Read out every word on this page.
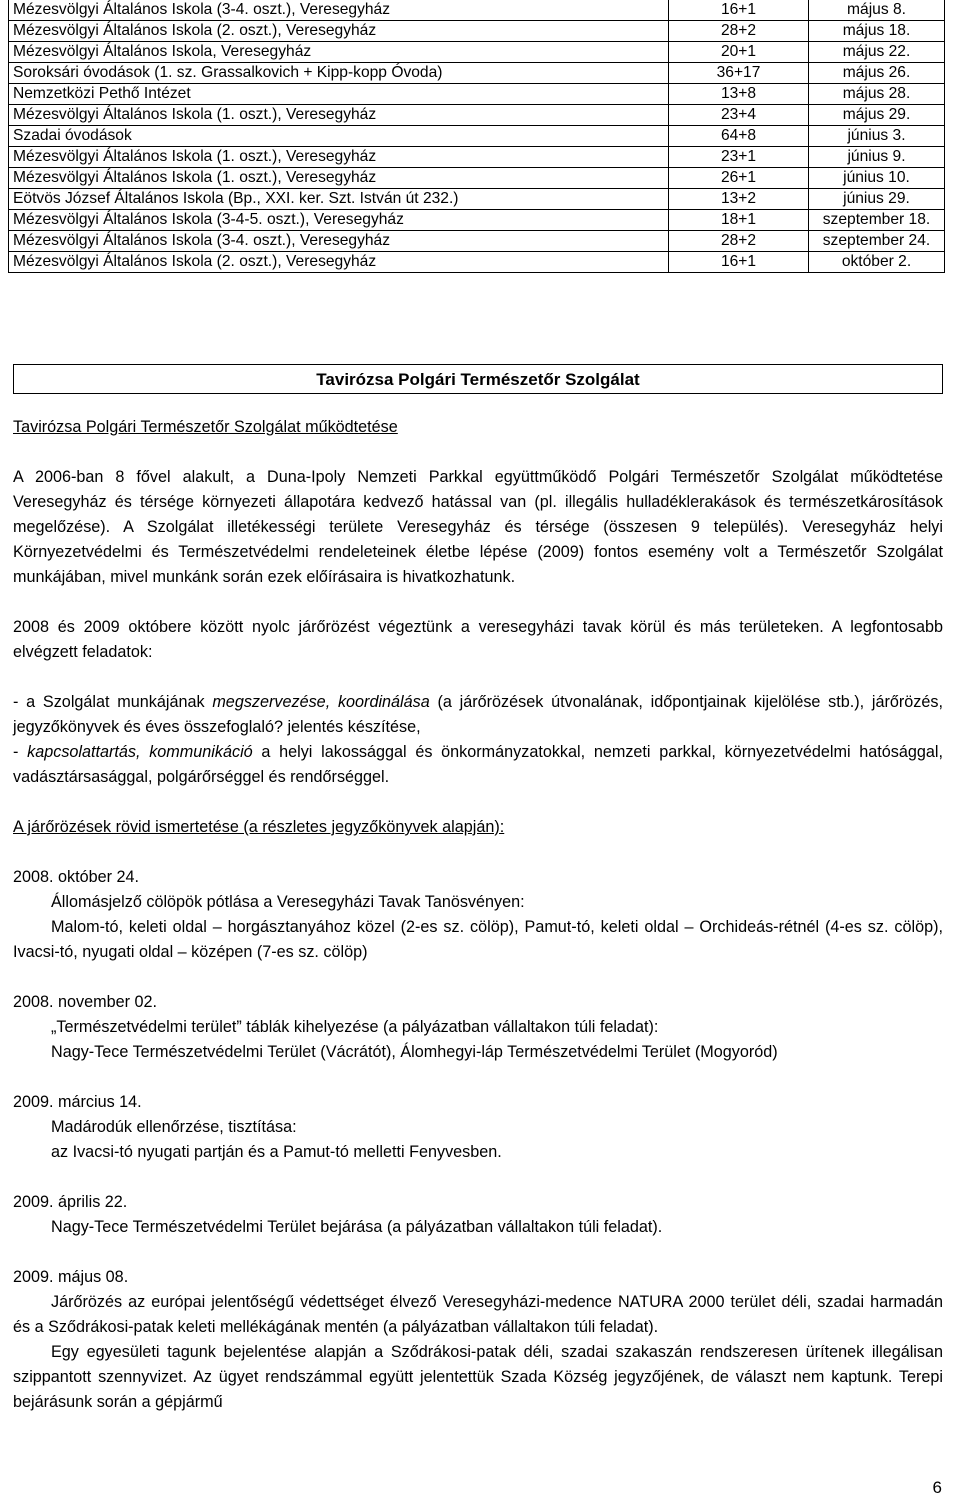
Mézesvölgyi Általános Iskola (3-4. oszt.), Veresegyház	16+1	május 8.
Mézesvölgyi Általános Iskola (2. oszt.), Veresegyház	28+2	május 18.
Mézesvölgyi Általános Iskola, Veresegyház	20+1	május 22.
Soroksári óvodások (1. sz. Grassalkovich + Kipp-kopp Óvoda)	36+17	május 26.
Nemzetközi Pethő Intézet	13+8	május 28.
Mézesvölgyi Általános Iskola (1. oszt.), Veresegyház	23+4	május 29.
Szadai óvodások	64+8	június 3.
Mézesvölgyi Általános Iskola (1. oszt.), Veresegyház	23+1	június 9.
Mézesvölgyi Általános Iskola (1. oszt.), Veresegyház	26+1	június 10.
Eötvös József Általános Iskola (Bp., XXI. ker. Szt. István út 232.)	13+2	június 29.
Mézesvölgyi Általános Iskola (3-4-5. oszt.), Veresegyház	18+1	szeptember 18.
Mézesvölgyi Általános Iskola (3-4. oszt.), Veresegyház	28+2	szeptember 24.
Mézesvölgyi Általános Iskola (2. oszt.), Veresegyház	16+1	október 2.
Tavirózsa Polgári Természetőr Szolgálat

Tavirózsa Polgári Természetőr Szolgálat működtetése

A 2006-ban 8 fővel alakult, a Duna-Ipoly Nemzeti Parkkal együttműködő Polgári Természetőr Szolgálat működtetése Veresegyház és térsége környezeti állapotára kedvező hatással van (pl. illegális hulladéklerakások és természetkárosítások megelőzése). A Szolgálat illetékességi területe Veresegyház és térsége (összesen 9 település). Veresegyház helyi Környezetvédelmi és Természetvédelmi rendeleteinek életbe lépése (2009) fontos esemény volt a Természetőr Szolgálat munkájában, mivel munkánk során ezek előírásaira is hivatkozhatunk.

2008 és 2009 októbere között nyolc járőrözést végeztünk a veresegyházi tavak körül és más területeken. A legfontosabb elvégzett feladatok:

- a Szolgálat munkájának megszervezése, koordinálása (a járőrözések útvonalának, időpontjainak kijelölése stb.), járőrözés, jegyzőkönyvek és éves összefoglaló? jelentés készítése,

- kapcsolattartás, kommunikáció a helyi lakossággal és önkormányzatokkal, nemzeti parkkal, környezetvédelmi hatósággal, vadásztársasággal, polgárőrséggel és rendőrséggel.

A járőrözések rövid ismertetése (a részletes jegyzőkönyvek alapján):

2008. október 24.

Állomásjelző cölöpök pótlása a Veresegyházi Tavak Tanösvényen:

Malom-tó, keleti oldal – horgásztanyához közel (2-es sz. cölöp), Pamut-tó, keleti oldal – Orchideás-rétnél (4-es sz. cölöp), Ivacsi-tó, nyugati oldal – középen (7-es sz. cölöp)

2008. november 02.

„Természetvédelmi terület” táblák kihelyezése (a pályázatban vállaltakon túli feladat):

Nagy-Tece Természetvédelmi Terület (Vácrátót), Álomhegyi-láp Természetvédelmi Terület (Mogyoród)

2009. március 14.

Madárodúk ellenőrzése, tisztítása:

az Ivacsi-tó nyugati partján és a Pamut-tó melletti Fenyvesben.

2009. április 22.

Nagy-Tece Természetvédelmi Terület bejárása (a pályázatban vállaltakon túli feladat).

2009. május 08.

Járőrözés az európai jelentőségű védettséget élvező Veresegyházi-medence NATURA 2000 terület déli, szadai harmadán és a Sződrákosi-patak keleti mellékágának mentén (a pályázatban vállaltakon túli feladat).

Egy egyesületi tagunk bejelentése alapján a Sződrákosi-patak déli, szadai szakaszán rendszeresen ürítenek illegálisan szippantott szennyvizet. Az ügyet rendszámmal együtt jelentettük Szada Község jegyzőjének, de választ nem kaptunk. Terepi bejárásunk során a gépjármű

6
